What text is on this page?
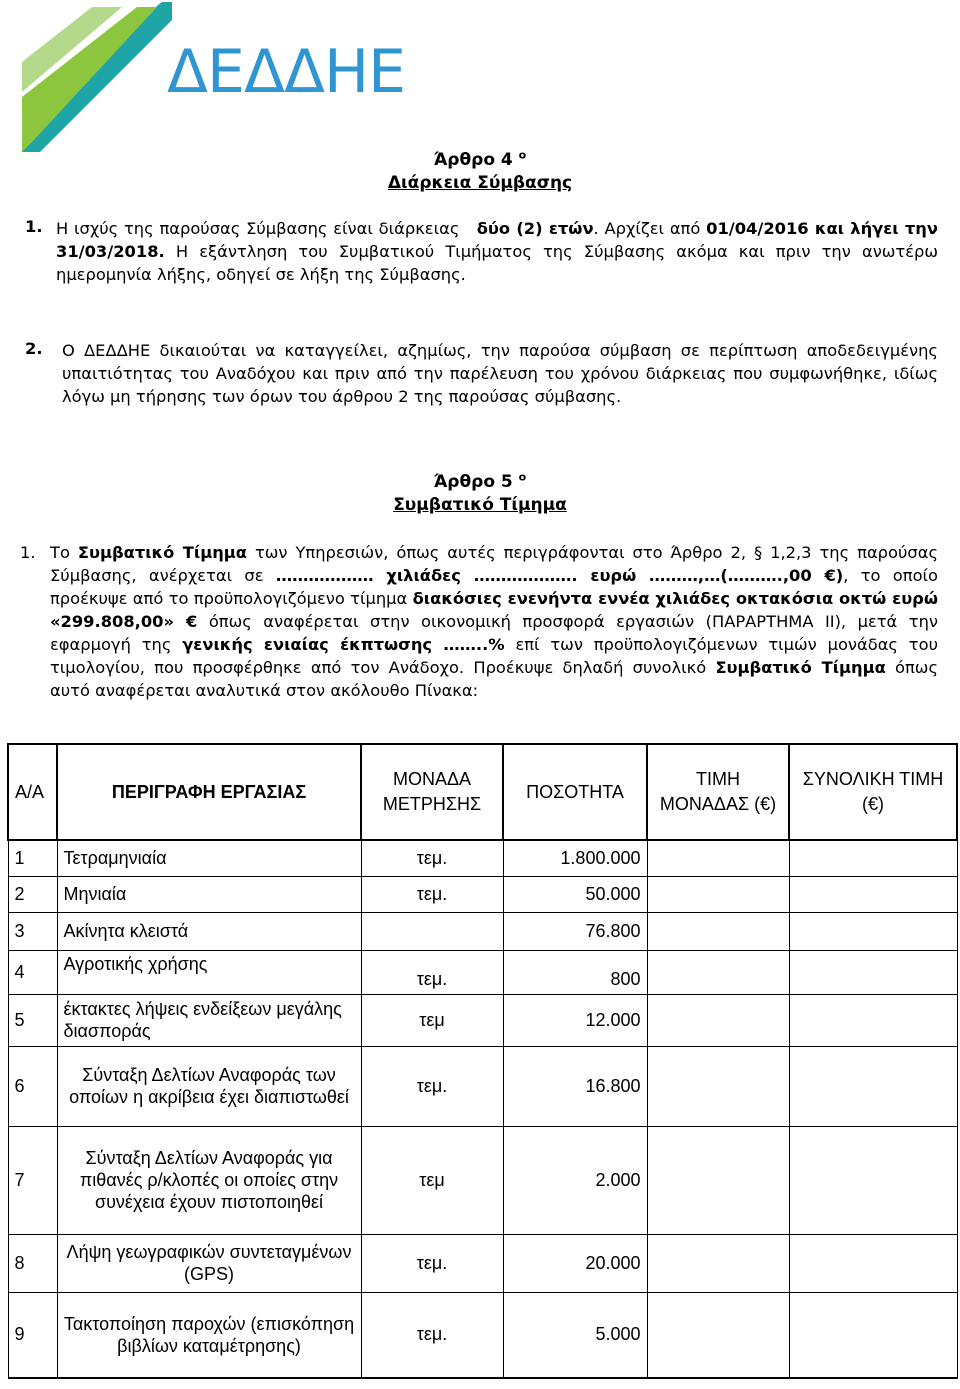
ΔΕΔΔΗΕ
Άρθρο 4 $^o$
Διάρκεια Σύμβασης
1. Η ισχύς της παρούσας Σύμβασης είναι διάρκειας δύο (2) ετών. Αρχίζει από 01/04/2016 και λήγει την 31/03/2018. Η εξάντληση του Συμβατικού Τιμήματος της Σύμβασης ακόμα και πριν την ανωτέρω ημερομηνία λήξης, οδηγεί σε λήξη της Σύμβασης.
2. Ο ΔΕΔΔΗΕ δικαιούται να καταγγείλει, αζημίως, την παρούσα σύμβαση σε περίπτωση αποδεδειγμένης υπαιτιότητας του Αναδόχου και πριν από την παρέλευση του χρόνου διάρκειας που συμφωνήθηκε, ιδίως λόγω μη τήρησης των όρων του άρθρου 2 της παρούσας σύμβασης.
Άρθρο 5 $^o$
Συμβατικό Τίμημα
1. Το Συμβατικό Τίμημα των Υπηρεσιών, όπως αυτές περιγράφονται στο Άρθρο 2, § 1,2,3 της παρούσας Σύμβασης, ανέρχεται σε ……………… χιλιάδες ………………. ευρώ ………,…(……….,00 €), το οποίο προέκυψε από το προϋπολογιζόμενο τίμημα διακόσιες ενενήντα εννέα χιλιάδες οκτακόσια οκτώ ευρώ «299.808,00» € όπως αναφέρεται στην οικονομική προσφορά εργασιών (ΠΑΡΑΡΤΗΜΑ ΙΙ), μετά την εφαρμογή της γενικής ενιαίας έκπτωσης ……..% επί των προϋπολογιζόμενων τιμών μονάδας του τιμολογίου, που προσφέρθηκε από τον Ανάδοχο. Προέκυψε δηλαδή συνολικό Συμβατικό Τίμημα όπως αυτό αναφέρεται αναλυτικά στον ακόλουθο Πίνακα:
Α/Α	ΠΕΡΙΓΡΑΦΗ ΕΡΓΑΣΙΑΣ	ΜΟΝΑΔΑ ΜΕΤΡΗΣΗΣ	ΠΟΣΟΤΗΤΑ	ΤΙΜΗ ΜΟΝΑΔΑΣ (€)	ΣΥΝΟΛΙΚΗ ΤΙΜΗ (€)
1	Τετραμηνιαία	τεμ.	1.800.000		
2	Μηνιαία	τεμ.	50.000		
3	Ακίνητα κλειστά		76.800		
4	Αγροτικής χρήσης	τεμ.	800		
5	έκτακτες λήψεις ενδείξεων μεγάλης διασποράς	τεμ	12.000		
6	Σύνταξη Δελτίων Αναφοράς των οποίων η ακρίβεια έχει διαπιστωθεί	τεμ.	16.800		
7	Σύνταξη Δελτίων Αναφοράς για πιθανές ρ/κλοπές οι οποίες στην συνέχεια έχουν πιστοποιηθεί	τεμ	2.000		
8	Λήψη γεωγραφικών συντεταγμένων (GPS)	τεμ.	20.000		
9	Τακτοποίηση παροχών (επισκόπηση βιβλίων καταμέτρησης)	τεμ.	5.000		
